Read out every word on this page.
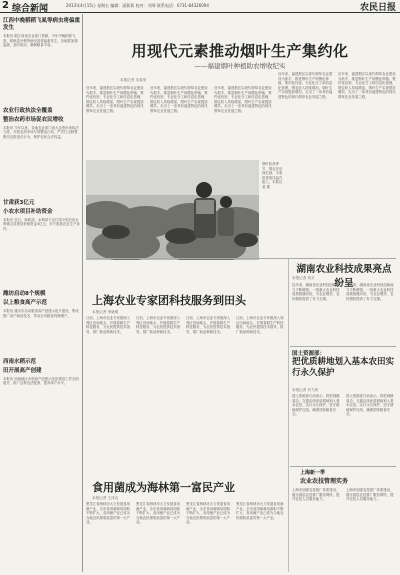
2 综合新闻	2013年4月15日 星期五 编辑：邱莉莉 校对：刘琴 联系电话：0731-84326094	农民日报
江西中晚稻稻飞虱等病虫将偏重发生
本报讯 据江西省农业部门预测，今年中晚稻稻飞虱、稻纵卷叶螟等病虫害将偏重发生，各地要加强监测，及时防治，确保粮食丰收。
农业行政执法全覆盖
整治农药市场促农民增收
本报讯 今年以来，各地农业部门加大农资市场执法力度，开展农药市场专项整治行动，严厉打击制售假劣农资违法行为，保护农民合法权益。
甘肃获3亿元
小农水项目补助资金
本报讯 近日，财政部、水利部下达甘肃小型农田水利重点县建设补助资金3亿元，用于改善农业生产条件。
潍坊启动8个规模
以上粮食高产示范
本报讯 潍坊市启动粮食高产创建示范片建设，集成推广高产栽培技术，带动全市粮食均衡增产。
西南水稻示范
田开展高产创建
本报讯 西南地区水稻高产创建示范田建设工作全面展开，推广良种良法配套，提高单产水平。
用现代元素推动烟叶生产集约化
——福建烟叶种植助农增收纪实
本报记者 吴春荣
近年来，福建烟区以现代烟草农业建设为抓手，推进烟叶生产规模化种植、集约化经营、专业化分工和信息化管理，烟农收入持续增加，烟叶生产实现提质增效，走出了一条具有福建特色的现代烟草农业发展之路。
近年来，福建烟区以现代烟草农业建设为抓手，推进烟叶生产规模化种植、集约化经营、专业化分工和信息化管理，烟农收入持续增加，烟叶生产实现提质增效，走出了一条具有福建特色的现代烟草农业发展之路。
近年来，福建烟区以现代烟草农业建设为抓手，推进烟叶生产规模化种植、集约化经营、专业化分工和信息化管理，烟农收入持续增加，烟叶生产实现提质增效，走出了一条具有福建特色的现代烟草农业发展之路。
近年来，福建烟区以现代烟草农业建设为抓手，推进烟叶生产规模化种植、集约化经营、专业化分工和信息化管理，烟农收入持续增加，烟叶生产实现提质增效，走出了一条具有福建特色的现代烟草农业发展之路。
近年来，福建烟区以现代烟草农业建设为抓手，推进烟叶生产规模化种植、集约化经营、专业化分工和信息化管理，烟农收入持续增加，烟叶生产实现提质增效，走出了一条具有福建特色的现代烟草农业发展之路。
烟叶收获季节，烟农在田间忙碌，丰收的喜悦洋溢在脸上。本报记者 摄
上海农业专家团科技服务到田头
本报记者 李晓明
日前，上海市农业专家团深入郊区田间地头，开展春耕生产科技服务，为农民提供技术指导，推广新品种新技术。
日前，上海市农业专家团深入郊区田间地头，开展春耕生产科技服务，为农民提供技术指导，推广新品种新技术。
日前，上海市农业专家团深入郊区田间地头，开展春耕生产科技服务，为农民提供技术指导，推广新品种新技术。
日前，上海市农业专家团深入郊区田间地头，开展春耕生产科技服务，为农民提供技术指导，推广新品种新技术。
食用菌成为海林第一富民产业
本报记者 王泽农
黑龙江省海林市大力发展食用菌产业，全市食用菌栽培面积不断扩大，食用菌产业已成为当地农民增收致富的第一大产业。
黑龙江省海林市大力发展食用菌产业，全市食用菌栽培面积不断扩大，食用菌产业已成为当地农民增收致富的第一大产业。
黑龙江省海林市大力发展食用菌产业，全市食用菌栽培面积不断扩大，食用菌产业已成为当地农民增收致富的第一大产业。
黑龙江省海林市大力发展食用菌产业，全市食用菌栽培面积不断扩大，食用菌产业已成为当地农民增收致富的第一大产业。
湖南农业科技成果亮点纷呈
本报记者 刘万
近年来，湖南省农业科技创新能力不断增强，一批重大农业科技成果相继问世，为农业增效、农民增收提供了有力支撑。
近年来，湖南省农业科技创新能力不断增强，一批重大农业科技成果相继问世，为农业增效、农民增收提供了有力支撑。
国土资源部：
把优质耕地划入基本农田实行永久保护
本报记者 肖力伟
国土资源部日前表示，将把城镇周边、交通沿线优质耕地划入基本农田，实行永久保护，坚守耕地保护红线，确保国家粮食安全。
国土资源部日前表示，将把城镇周边、交通沿线优质耕地划入基本农田，实行永久保护，坚守耕地保护红线，确保国家粮食安全。
上海新一季
农业农技管理实务
上海市加强农技推广体系建设，健全基层农技推广服务网络，提升农技人员服务能力。
上海市加强农技推广体系建设，健全基层农技推广服务网络，提升农技人员服务能力。
